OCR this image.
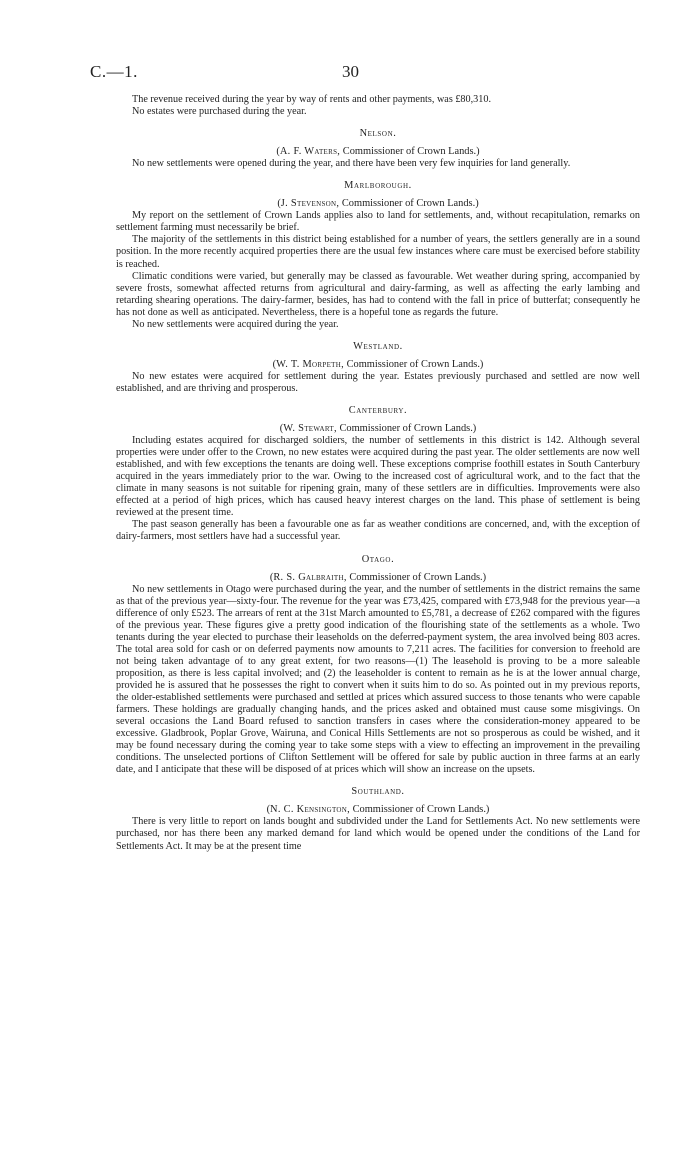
C.—1.	30

The revenue received during the year by way of rents and other payments, was £80,310.

No estates were purchased during the year.

Nelson.
(A. F. Waters, Commissioner of Crown Lands.)

No new settlements were opened during the year, and there have been very few inquiries for land generally.

Marlborough.
(J. Stevenson, Commissioner of Crown Lands.)

My report on the settlement of Crown Lands applies also to land for settlements, and, without recapitulation, remarks on settlement farming must necessarily be brief.

The majority of the settlements in this district being established for a number of years, the settlers generally are in a sound position. In the more recently acquired properties there are the usual few instances where care must be exercised before stability is reached.

Climatic conditions were varied, but generally may be classed as favourable. Wet weather during spring, accompanied by severe frosts, somewhat affected returns from agricultural and dairy-farming, as well as affecting the early lambing and retarding shearing operations. The dairy-farmer, besides, has had to contend with the fall in price of butterfat; consequently he has not done as well as anticipated. Nevertheless, there is a hopeful tone as regards the future.

No new settlements were acquired during the year.

Westland.
(W. T. Morpeth, Commissioner of Crown Lands.)

No new estates were acquired for settlement during the year. Estates previously purchased and settled are now well established, and are thriving and prosperous.

Canterbury.
(W. Stewart, Commissioner of Crown Lands.)

Including estates acquired for discharged soldiers, the number of settlements in this district is 142. Although several properties were under offer to the Crown, no new estates were acquired during the past year. The older settlements are now well established, and with few exceptions the tenants are doing well. These exceptions comprise foothill estates in South Canterbury acquired in the years immediately prior to the war. Owing to the increased cost of agricultural work, and to the fact that the climate in many seasons is not suitable for ripening grain, many of these settlers are in difficulties. Improvements were also effected at a period of high prices, which has caused heavy interest charges on the land. This phase of settlement is being reviewed at the present time.

The past season generally has been a favourable one as far as weather conditions are concerned, and, with the exception of dairy-farmers, most settlers have had a successful year.

Otago.
(R. S. Galbraith, Commissioner of Crown Lands.)

No new settlements in Otago were purchased during the year, and the number of settlements in the district remains the same as that of the previous year—sixty-four. The revenue for the year was £73,425, compared with £73,948 for the previous year—a difference of only £523. The arrears of rent at the 31st March amounted to £5,781, a decrease of £262 compared with the figures of the previous year. These figures give a pretty good indication of the flourishing state of the settlements as a whole. Two tenants during the year elected to purchase their leaseholds on the deferred-payment system, the area involved being 803 acres. The total area sold for cash or on deferred payments now amounts to 7,211 acres. The facilities for conversion to freehold are not being taken advantage of to any great extent, for two reasons—(1) The leasehold is proving to be a more saleable proposition, as there is less capital involved; and (2) the leaseholder is content to remain as he is at the lower annual charge, provided he is assured that he possesses the right to convert when it suits him to do so. As pointed out in my previous reports, the older-established settlements were purchased and settled at prices which assured success to those tenants who were capable farmers. These holdings are gradually changing hands, and the prices asked and obtained must cause some misgivings. On several occasions the Land Board refused to sanction transfers in cases where the consideration-money appeared to be excessive. Gladbrook, Poplar Grove, Wairuna, and Conical Hills Settlements are not so prosperous as could be wished, and it may be found necessary during the coming year to take some steps with a view to effecting an improvement in the prevailing conditions. The unselected portions of Clifton Settlement will be offered for sale by public auction in three farms at an early date, and I anticipate that these will be disposed of at prices which will show an increase on the upsets.

Southland.
(N. C. Kensington, Commissioner of Crown Lands.)

There is very little to report on lands bought and subdivided under the Land for Settlements Act. No new settlements were purchased, nor has there been any marked demand for land which would be opened under the conditions of the Land for Settlements Act. It may be at the present time
